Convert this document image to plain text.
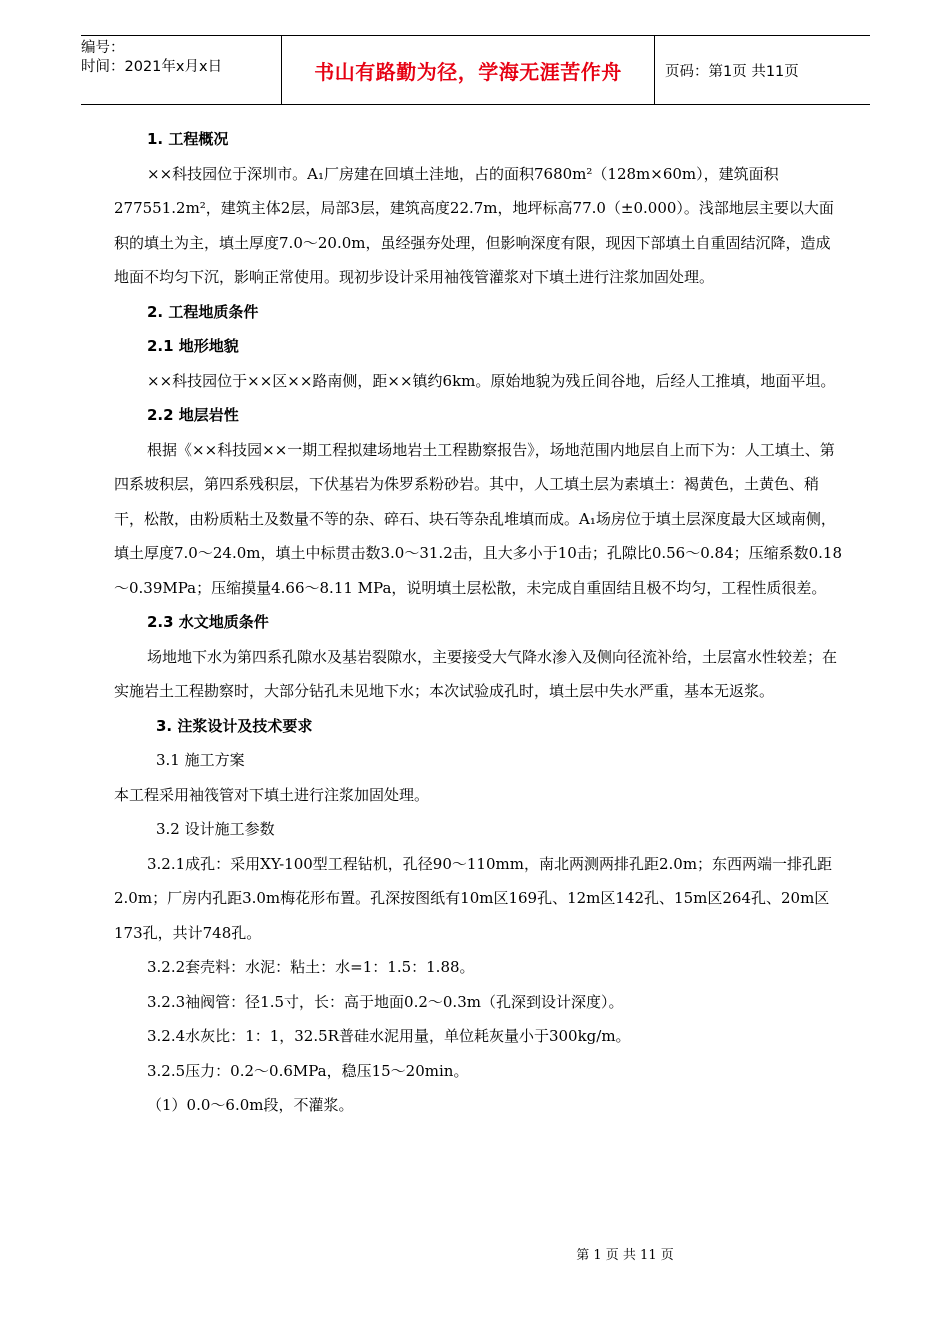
编号：
时间：2021年x月x日	书山有路勤为径，学海无涯苦作舟	页码：第1页 共11页

1. 工程概况

××科技园位于深圳市。A₁厂房建在回填土洼地，占的面积7680m²（128m×60m），建筑面积277551.2m²，建筑主体2层，局部3层，建筑高度22.7m，地坪标高77.0（±0.000）。浅部地层主要以大面积的填土为主，填土厚度7.0～20.0m，虽经强夯处理，但影响深度有限，现因下部填土自重固结沉降，造成地面不均匀下沉，影响正常使用。现初步设计采用袖筏管灌浆对下填土进行注浆加固处理。

2. 工程地质条件

2.1 地形地貌

××科技园位于××区××路南侧，距××镇约6km。原始地貌为残丘间谷地，后经人工推填，地面平坦。

2.2 地层岩性

根据《××科技园××一期工程拟建场地岩土工程勘察报告》，场地范围内地层自上而下为：人工填土、第四系坡积层，第四系残积层，下伏基岩为侏罗系粉砂岩。其中，人工填土层为素填土：褐黄色，土黄色、稍干，松散，由粉质粘土及数量不等的杂、碎石、块石等杂乱堆填而成。A₁场房位于填土层深度最大区域南侧，填土厚度7.0～24.0m，填土中标贯击数3.0～31.2击，且大多小于10击；孔隙比0.56～0.84；压缩系数0.18～0.39MPa；压缩摸量4.66～8.11 MPa，说明填土层松散，未完成自重固结且极不均匀，工程性质很差。

2.3 水文地质条件

场地地下水为第四系孔隙水及基岩裂隙水，主要接受大气降水渗入及侧向径流补给，土层富水性较差；在实施岩土工程勘察时，大部分钻孔未见地下水；本次试验成孔时，填土层中失水严重，基本无返浆。

3. 注浆设计及技术要求

3.1 施工方案

本工程采用袖筏管对下填土进行注浆加固处理。

3.2 设计施工参数

3.2.1成孔：采用XY-100型工程钻机，孔径90～110mm，南北两测两排孔距2.0m；东西两端一排孔距2.0m；厂房内孔距3.0m梅花形布置。孔深按图纸有10m区169孔、12m区142孔、15m区264孔、20m区173孔，共计748孔。

3.2.2套壳料：水泥：粘土：水=1：1.5：1.88。

3.2.3袖阀管：径1.5寸，长：高于地面0.2～0.3m（孔深到设计深度）。

3.2.4水灰比：1：1，32.5R普硅水泥用量，单位耗灰量小于300kg/m。

3.2.5压力：0.2～0.6MPa，稳压15～20min。

（1）0.0～6.0m段，不灌浆。

第 1 页 共 11 页
